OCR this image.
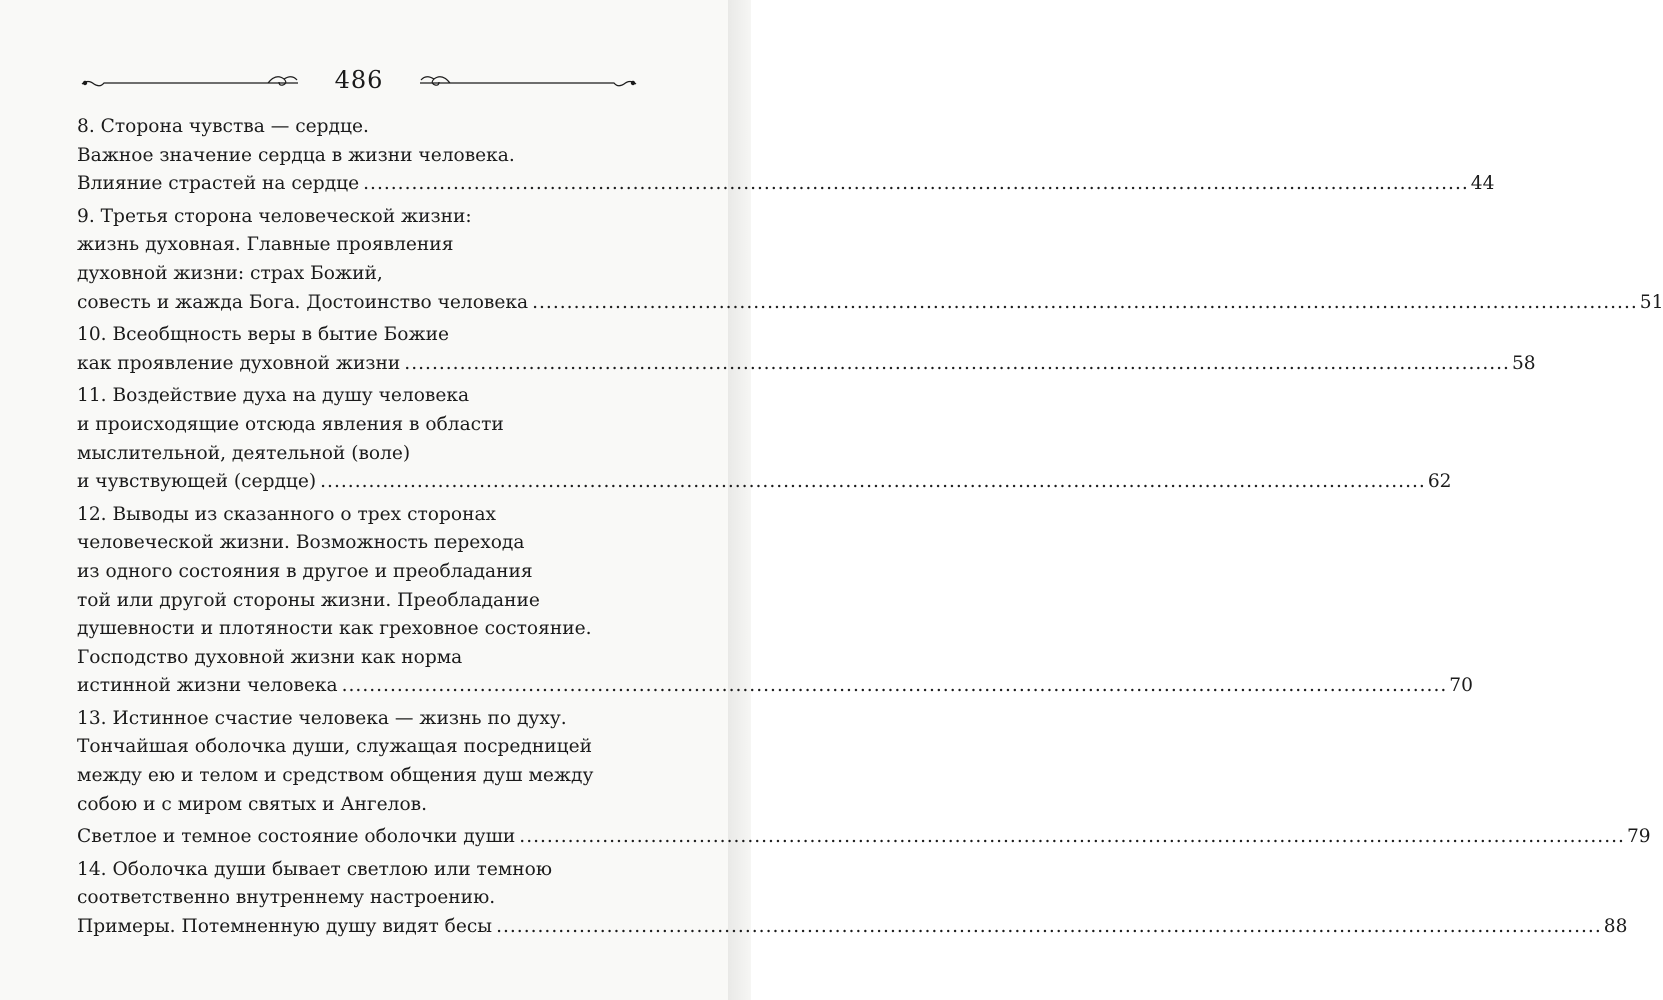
486
8. Сторона чувства — сердце.
Важное значение сердца в жизни человека.
Влияние страстей на сердце ................................................................................................................................................................ 44
9. Третья сторона человеческой жизни:
жизнь духовная. Главные проявления
духовной жизни: страх Божий,
совесть и жажда Бога. Достоинство человека ................................................................................................................................................................ 51
10. Всеобщность веры в бытие Божие
как проявление духовной жизни ................................................................................................................................................................ 58
11. Воздействие духа на душу человека
и происходящие отсюда явления в области
мыслительной, деятельной (воле)
и чувствующей (сердце) ................................................................................................................................................................ 62
12. Выводы из сказанного о трех сторонах
человеческой жизни. Возможность перехода
из одного состояния в другое и преобладания
той или другой стороны жизни. Преобладание
душевности и плотяности как греховное состояние.
Господство духовной жизни как норма
истинной жизни человека ................................................................................................................................................................ 70
13. Истинное счастие человека — жизнь по духу.
Тончайшая оболочка души, служащая посредницей
между ею и телом и средством общения душ между
собою и с миром святых и Ангелов.
Светлое и темное состояние оболочки души ................................................................................................................................................................ 79
14. Оболочка души бывает светлою или темною
соответственно внутреннему настроению.
Примеры. Потемненную душу видят бесы ................................................................................................................................................................ 88
